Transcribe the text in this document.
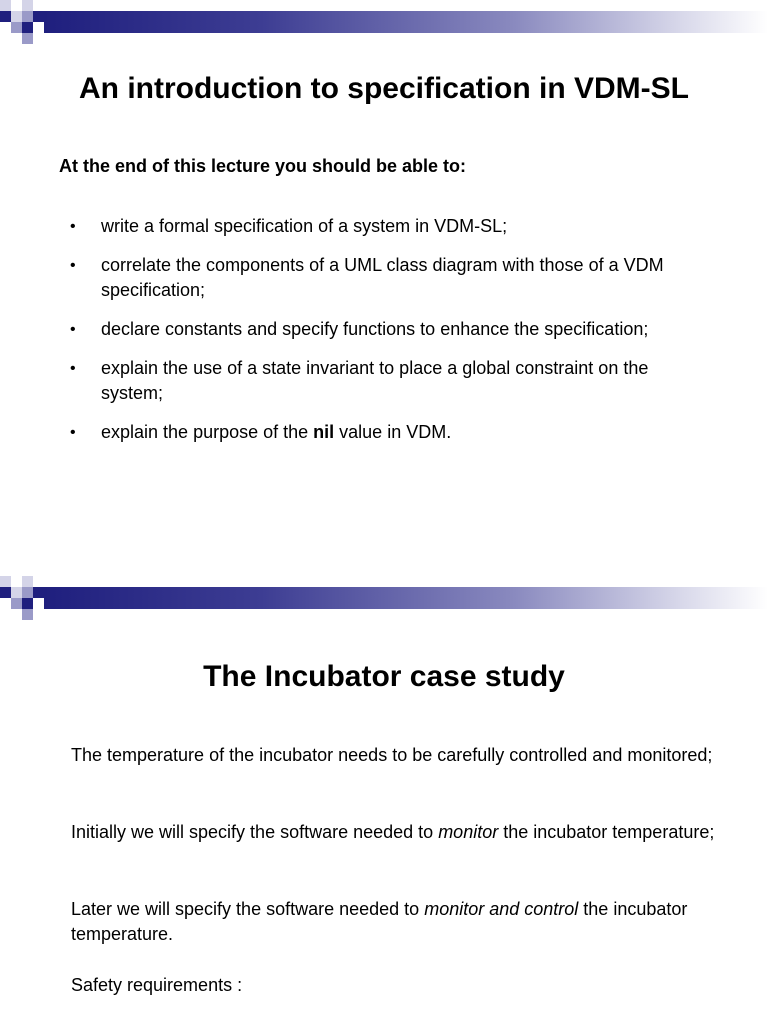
An introduction to specification in VDM-SL
At the end of this lecture you should be able to:
• write a formal specification of a system in VDM-SL;
• correlate the components of a UML class diagram with those of a VDM specification;
• declare constants and specify functions to enhance the specification;
• explain the use of a state invariant to place a global constraint on the system;
• explain the purpose of the nil value in VDM.
The Incubator case study

The temperature of the incubator needs to be carefully controlled and monitored;

Initially we will specify the software needed to monitor the incubator temperature;

Later we will specify the software needed to monitor and control the incubator temperature.

Safety requirements :
